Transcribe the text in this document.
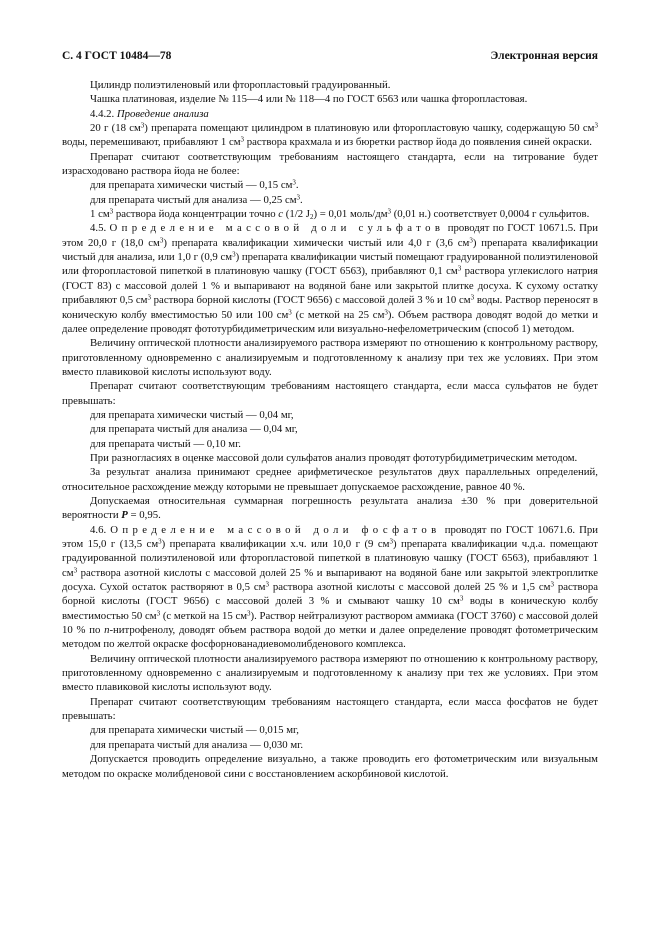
С. 4 ГОСТ 10484—78	Электронная версия

Цилиндр полиэтиленовый или фторопластовый градуированный.

Чашка платиновая, изделие № 115—4 или № 118—4 по ГОСТ 6563 или чашка фторопластовая.

4.4.2. Проведение анализа

20 г (18 $см^3$) препарата помещают цилиндром в платиновую или фторопластовую чашку, содержащую 50 $см^3$ воды, перемешивают, прибавляют 1 $см^3$ раствора крахмала и из бюретки раствор йода до появления синей окраски.

Препарат считают соответствующим требованиям настоящего стандарта, если на титрование будет израсходовано раствора йода не более:

для препарата химически чистый — 0,15 $см^3$.

для препарата чистый для анализа — 0,25 $см^3$.

1 $см^3$ раствора йода концентрации точно c (1/2 $J_2) = 0,01$ моль/$дм^3$ (0,01 н.) соответствует 0,0004 г сульфитов.

4.5. Определение массовой доли сульфатов проводят по ГОСТ 10671.5. При этом 20,0 г (18,0 $см^3$) препарата квалификации химически чистый или 4,0 г (3,6 $см^3$) препарата квалификации чистый для анализа, или 1,0 г (0,9 $см^3$) препарата квалификации чистый помещают градуированной полиэтиленовой или фторопластовой пипеткой в платиновую чашку (ГОСТ 6563), прибавляют 0,1 $см^3$ раствора углекислого натрия (ГОСТ 83) с массовой долей 1 % и выпаривают на водяной бане или закрытой плитке досуха. К сухому остатку прибавляют 0,5 $см^3$ раствора борной кислоты (ГОСТ 9656) с массовой долей 3 % и 10 $см^3$ воды. Раствор переносят в коническую колбу вместимостью 50 или 100 $см^3$ (с меткой на 25 $см^3$). Объем раствора доводят водой до метки и далее определение проводят фототурбидиметрическим или визуально-нефелометрическим (способ 1) методом.

Величину оптической плотности анализируемого раствора измеряют по отношению к контрольному раствору, приготовленному одновременно с анализируемым и подготовленному к анализу при тех же условиях. При этом вместо плавиковой кислоты используют воду.

Препарат считают соответствующим требованиям настоящего стандарта, если масса сульфатов не будет превышать:

для препарата химически чистый — 0,04 мг,

для препарата чистый для анализа — 0,04 мг,

для препарата чистый — 0,10 мг.

При разногласиях в оценке массовой доли сульфатов анализ проводят фототурбидиметрическим методом.

За результат анализа принимают среднее арифметическое результатов двух параллельных определений, относительное расхождение между которыми не превышает допускаемое расхождение, равное 40 %.

Допускаемая относительная суммарная погрешность результата анализа ±30 % при доверительной вероятности P = 0,95.

4.6. Определение массовой доли фосфатов проводят по ГОСТ 10671.6. При этом 15,0 г (13,5 $см^3$) препарата квалификации х.ч. или 10,0 г (9 $см^3$) препарата квалификации ч.д.а. помещают градуированной полиэтиленовой или фторопластовой пипеткой в платиновую чашку (ГОСТ 6563), прибавляют 1 $см^3$ раствора азотной кислоты с массовой долей 25 % и выпаривают на водяной бане или закрытой электроплитке досуха. Сухой остаток растворяют в 0,5 $см^3$ раствора азотной кислоты с массовой долей 25 % и 1,5 $см^3$ раствора борной кислоты (ГОСТ 9656) с массовой долей 3 % и смывают чашку 10 $см^3$ воды в коническую колбу вместимостью 50 $см^3$ (с меткой на 15 $см^3$). Раствор нейтрализуют раствором аммиака (ГОСТ 3760) с массовой долей 10 % по n-нитрофенолу, доводят объем раствора водой до метки и далее определение проводят фотометрическим методом по желтой окраске фосфорнованадиевомолибденового комплекса.

Величину оптической плотности анализируемого раствора измеряют по отношению к контрольному раствору, приготовленному одновременно с анализируемым и подготовленному к анализу при тех же условиях. При этом вместо плавиковой кислоты используют воду.

Препарат считают соответствующим требованиям настоящего стандарта, если масса фосфатов не будет превышать:

для препарата химически чистый — 0,015 мг,

для препарата чистый для анализа — 0,030 мг.

Допускается проводить определение визуально, а также проводить его фотометрическим или визуальным методом по окраске молибденовой сини с восстановлением аскорбиновой кислотой.
